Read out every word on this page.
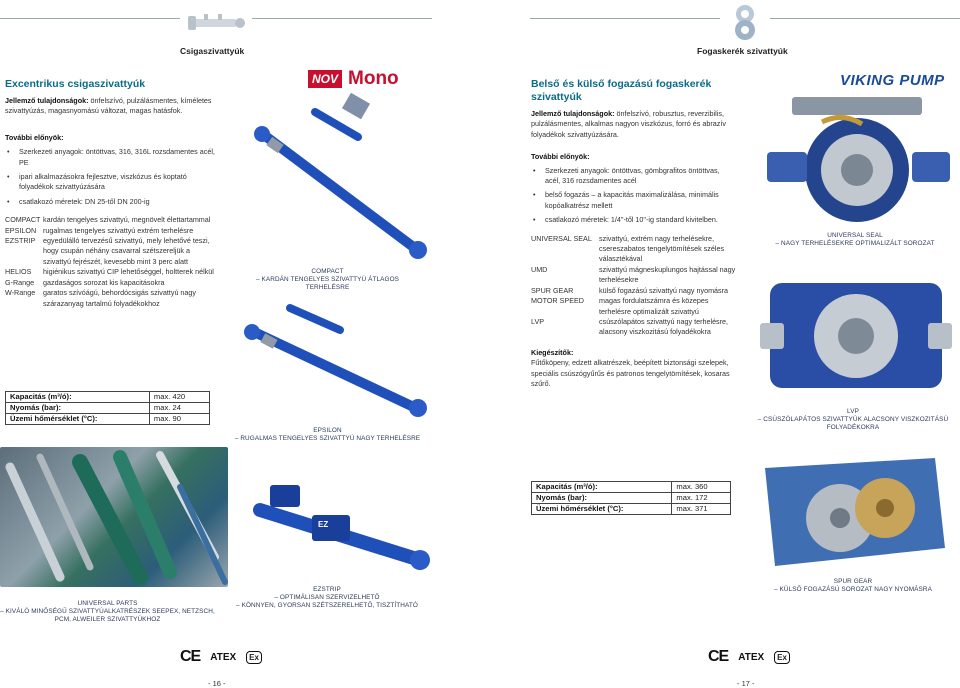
Csigaszivattyúk	Fogaskerék szivattyúk
Excentrikus csigaszivattyúk
Jellemző tulajdonságok: önfelszívó, pulzálásmentes, kíméletes szivattyúzás, magasnyomású változat, magas hatásfok.
További előnyök:
• Szerkezeti anyagok: öntöttvas, 316, 316L rozsdamentes acél, PE
• ipari alkalmazásokra fejlesztve, viszkózus és koptató folyadékok szivattyúzására
• csatlakozó méretek: DN 25-től DN 200-ig
COMPACT kardán tengelyes szivattyú, megnövelt élettartammal
EPSILON rugalmas tengelyes szivattyú extrém terhelésre
EZSTRIP	egyedülálló tervezésű szivattyú, mely lehetővé teszi, hogy csupán néhány csavarral szétszereljük a szivattyú fejrészét, kevesebb mint 3 perc alatt
HELIOS	higiénikus szivattyú CIP lehetőséggel, holtterek nélkül
G-Range	gazdaságos sorozat kis kapacitásokra
W-Range	garatos szívóágú, behordócsigás szivattyú nagy szárazanyag tartalmú folyadékokhoz
Kapacitás (m³/ó):	max. 420
Nyomás (bar):	max. 24
Üzemi hőmérséklet (°C):	max. 90
NOV Mono
COMPACT
– KARDÁN TENGELYES SZIVATTYÚ ÁTLAGOS TERHELÉSRE
EPSILON
– RUGALMAS TENGELYES SZIVATTYÚ NAGY TERHELÉSRE
UNIVERSAL PARTS
– KIVÁLÓ MINŐSÉGŰ SZIVATTYÚALKATRÉSZEK SEEPEX, NETZSCH,
PCM, ALWEILER SZIVATTYÚKHOZ
EZ
EZSTRIP
– OPTIMÁLISAN SZERVIZELHETŐ
– KÖNNYEN, GYORSAN SZÉTSZERELHETŐ, TISZTÍTHATÓ
Belső és külső fogazású fogaskerék szivattyúk
Jellemző tulajdonságok: önfelszívó, robusztus, reverzibilis, pulzálásmentes, alkalmas nagyon viszkózus, forró és abrazív folyadékok szivattyúzására.
További előnyök:
• Szerkezeti anyagok: öntöttvas, gömbgrafitos öntöttvas, acél, 316 rozsdamentes acél
• belső fogazás – a kapacitás maximalizálása, minimális kopóalkatrész mellett
• csatlakozó méretek: 1/4"-től 10"-ig standard kivitelben.
UNIVERSAL SEAL szivattyú, extrém nagy terhelésekre, csereszabatos tengelytömítések széles választékával
UMD	szivattyú mágneskuplungos hajtással nagy terhelésekre
SPUR GEAR	külső fogazású szivattyú nagy nyomásra
MOTOR SPEED	magas fordulatszámra és közepes terhelésre optimalizált szivattyú
LVP	csúszólapátos szivattyú nagy terhelésre, alacsony viszkozitású folyadékokra
Kiegészítők:
Fűtőköpeny, edzett alkatrészek, beépített biztonsági szelepek, speciális csúszógyűrűs és patronos tengelytömítések, kosaras szűrő.
Kapacitás (m³/ó):	max. 360
Nyomás (bar):	max. 172
Üzemi hőmérséklet (°C):	max. 371
VIKING PUMP
UNIVERSAL SEAL
– NAGY TERHELÉSEKRE OPTIMALIZÁLT SOROZAT
LVP
– CSÚSZÓLAPÁTOS SZIVATTYÚK ALACSONY VISZKOZITÁSÚ
FOLYADÉKOKRA
SPUR GEAR
– KÜLSŐ FOGAZÁSÚ SOROZAT NAGY NYOMÁSRA
CE ATEX	Ex
- 16 -
CE ATEX	Ex
- 17 -
